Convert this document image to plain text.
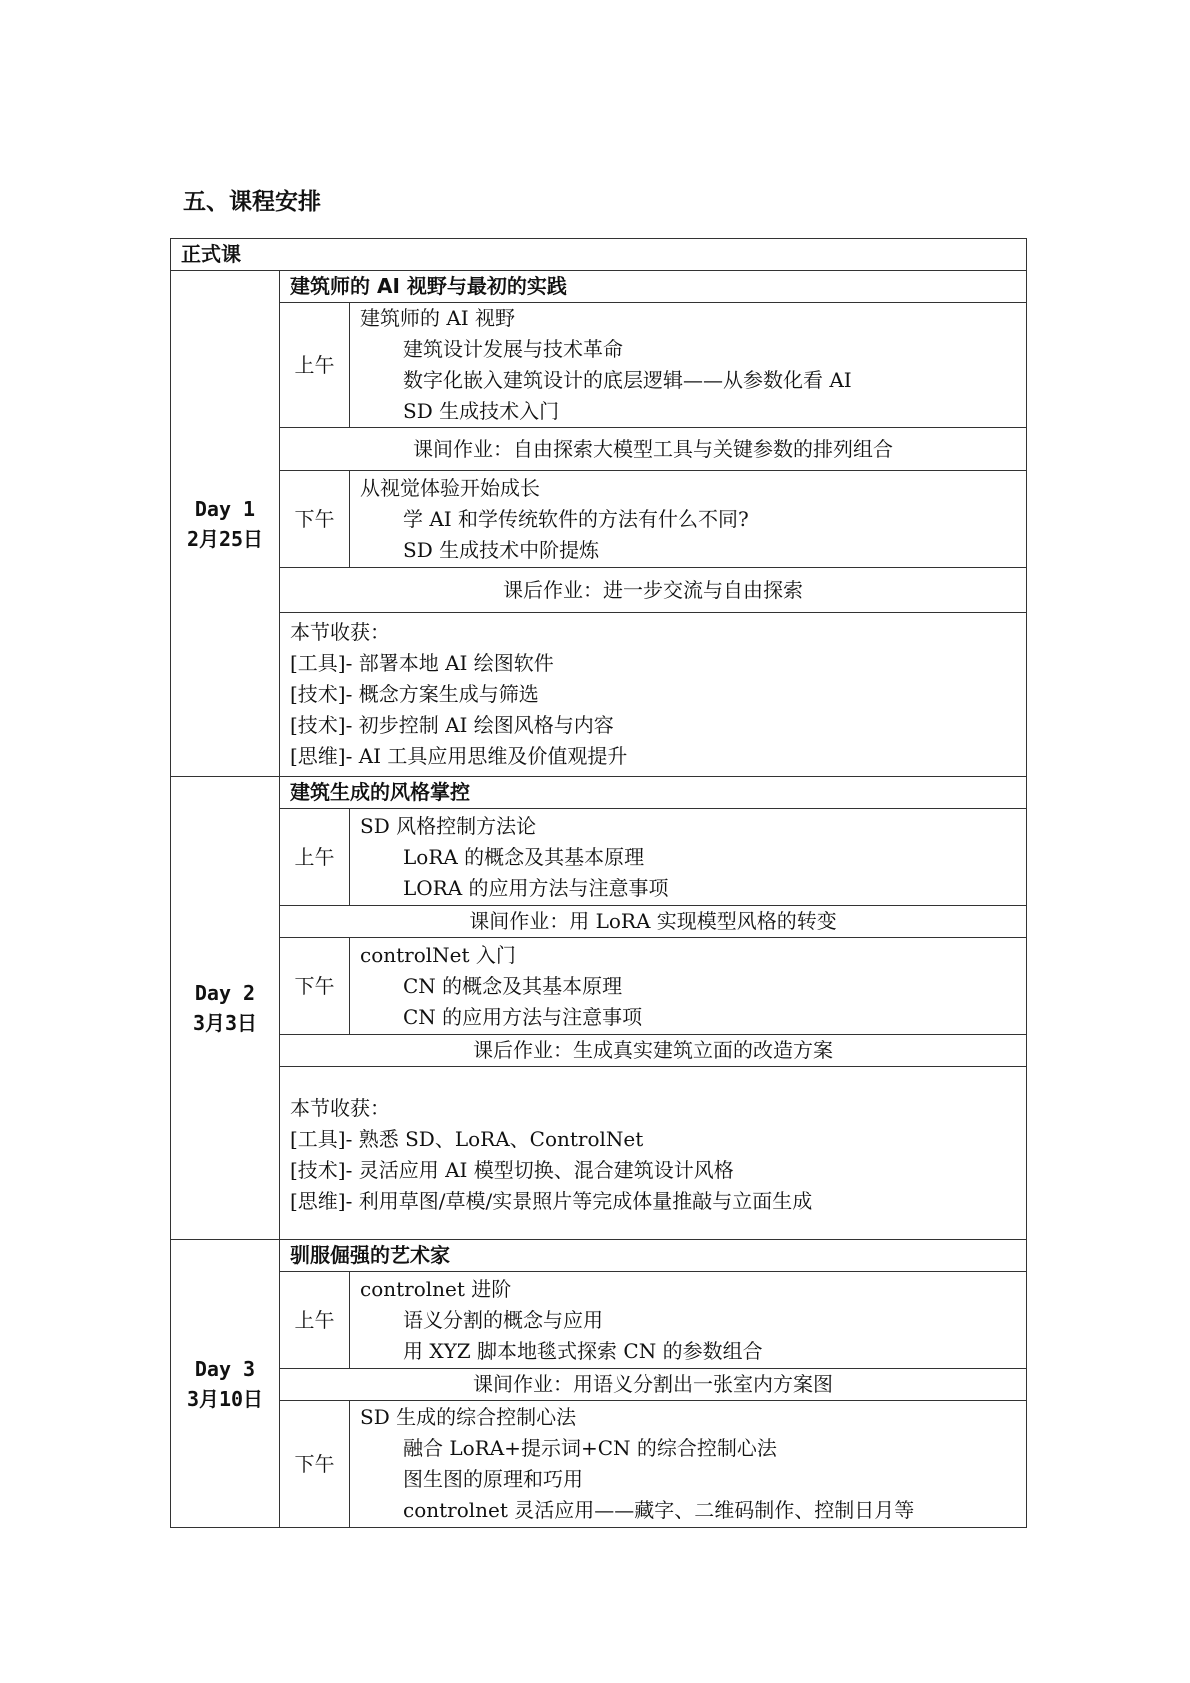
五、课程安排
正式课		

Day 1
2月25日	建筑师的 AI 视野与最初的实践	
	上午	建筑师的 AI 视野
建筑设计发展与技术革命
数字化嵌入建筑设计的底层逻辑——从参数化看 AI
SD 生成技术入门

	课间作业：自由探索大模型工具与关键参数的排列组合	
	下午	从视觉体验开始成长
学 AI 和学传统软件的方法有什么不同?
SD 生成技术中阶提炼

	课后作业：进一步交流与自由探索	

	本节收获：
[工具]- 部署本地 AI 绘图软件
[技术]- 概念方案生成与筛选
[技术]- 初步控制 AI 绘图风格与内容
[思维]- AI 工具应用思维及价值观提升	

Day 2
3月3日	建筑生成的风格掌控	
	上午	SD 风格控制方法论
LoRA 的概念及其基本原理
LORA 的应用方法与注意事项

	课间作业：用 LoRA 实现模型风格的转变	
	下午	controlNet 入门
CN 的概念及其基本原理
CN 的应用方法与注意事项

	课后作业：生成真实建筑立面的改造方案	

	本节收获：
[工具]- 熟悉 SD、LoRA、ControlNet
[技术]- 灵活应用 AI 模型切换、混合建筑设计风格
[思维]- 利用草图/草模/实景照片等完成体量推敲与立面生成	

Day 3
3月10日	驯服倔强的艺术家	
	上午	controlnet 进阶
语义分割的概念与应用
用 XYZ 脚本地毯式探索 CN 的参数组合

	课间作业：用语义分割出一张室内方案图	
	下午	SD 生成的综合控制心法
融合 LoRA+提示词+CN 的综合控制心法
图生图的原理和巧用
controlnet 灵活应用——藏字、二维码制作、控制日月等
